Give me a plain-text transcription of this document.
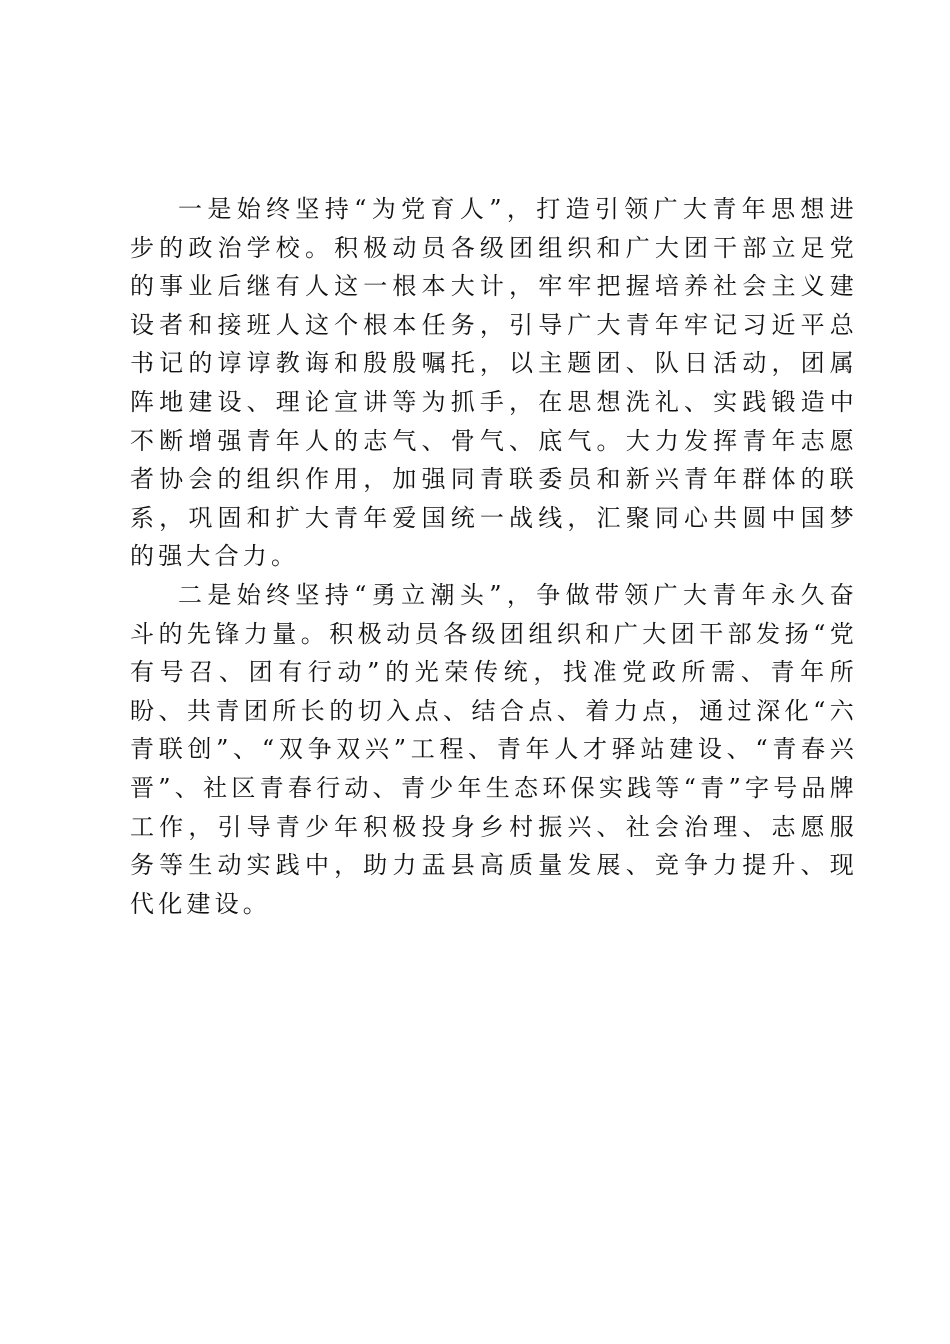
一是始终坚持“为党育人”，打造引领广大青年思想进步的政治学校。积极动员各级团组织和广大团干部立足党的事业后继有人这一根本大计，牢牢把握培养社会主义建设者和接班人这个根本任务，引导广大青年牢记习近平总书记的谆谆教诲和殷殷嘱托，以主题团、队日活动，团属阵地建设、理论宣讲等为抓手，在思想洗礼、实践锻造中不断增强青年人的志气、骨气、底气。大力发挥青年志愿者协会的组织作用，加强同青联委员和新兴青年群体的联系，巩固和扩大青年爱国统一战线，汇聚同心共圆中国梦的强大合力。

二是始终坚持“勇立潮头”，争做带领广大青年永久奋斗的先锋力量。积极动员各级团组织和广大团干部发扬“党有号召、团有行动”的光荣传统，找准党政所需、青年所盼、共青团所长的切入点、结合点、着力点，通过深化“六青联创”、“双争双兴”工程、青年人才驿站建设、“青春兴晋”、社区青春行动、青少年生态环保实践等“青”字号品牌工作，引导青少年积极投身乡村振兴、社会治理、志愿服务等生动实践中，助力盂县高质量发展、竞争力提升、现代化建设。
